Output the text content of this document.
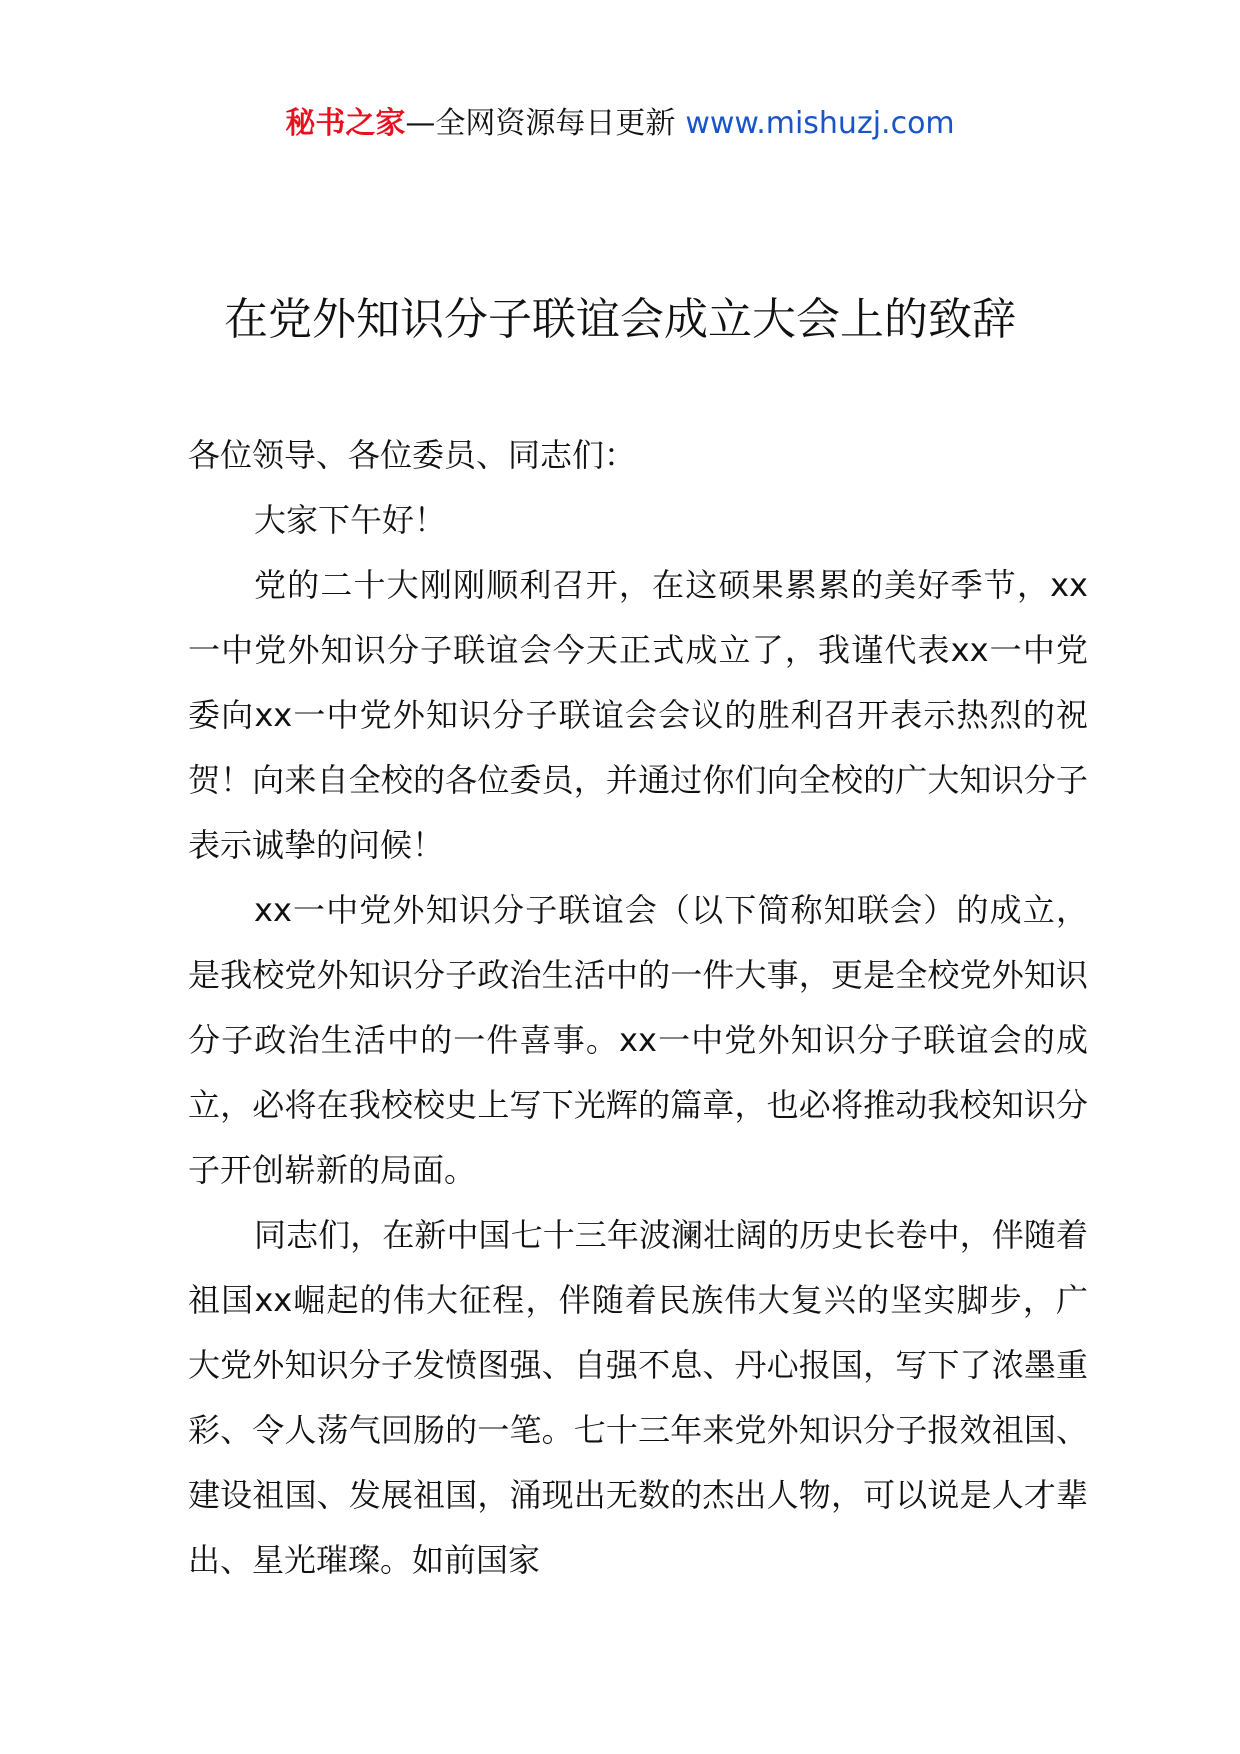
秘书之家—全网资源每日更新 www.mishuzj.com
在党外知识分子联谊会成立大会上的致辞

各位领导、各位委员、同志们：

大家下午好！

党的二十大刚刚顺利召开，在这硕果累累的美好季节，xx一中党外知识分子联谊会今天正式成立了，我谨代表xx一中党委向xx一中党外知识分子联谊会会议的胜利召开表示热烈的祝贺！向来自全校的各位委员，并通过你们向全校的广大知识分子表示诚挚的问候！

xx一中党外知识分子联谊会（以下简称知联会）的成立，是我校党外知识分子政治生活中的一件大事，更是全校党外知识分子政治生活中的一件喜事。xx一中党外知识分子联谊会的成立，必将在我校校史上写下光辉的篇章，也必将推动我校知识分子开创崭新的局面。

同志们，在新中国七十三年波澜壮阔的历史长卷中，伴随着祖国xx崛起的伟大征程，伴随着民族伟大复兴的坚实脚步，广大党外知识分子发愤图强、自强不息、丹心报国，写下了浓墨重彩、令人荡气回肠的一笔。七十三年来党外知识分子报效祖国、建设祖国、发展祖国，涌现出无数的杰出人物，可以说是人才辈出、星光璀璨。如前国家
